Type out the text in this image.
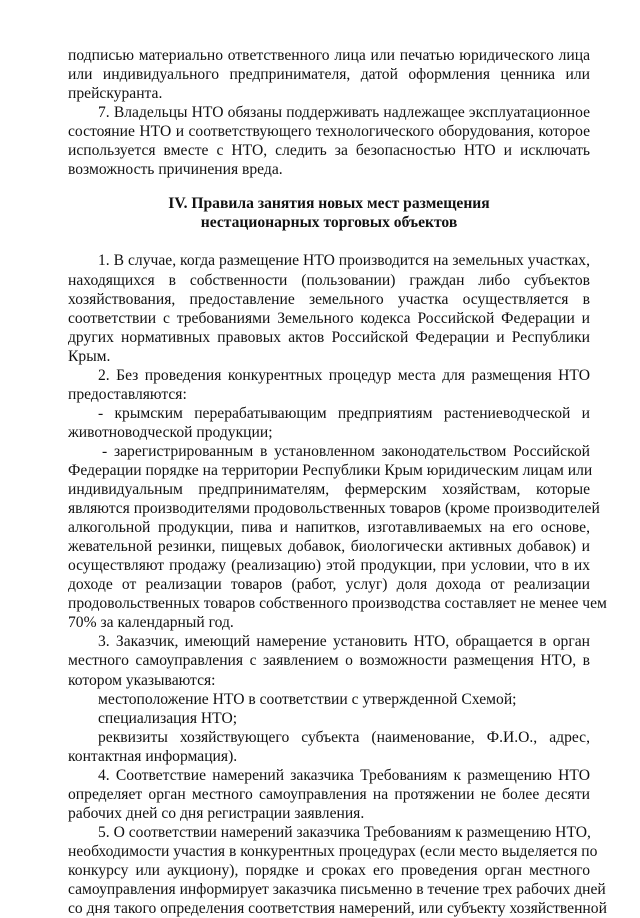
подписью материально ответственного лица или печатью юридического лица
или индивидуального предпринимателя, датой оформления ценника или
прейскуранта.
7. Владельцы НТО обязаны поддерживать надлежащее эксплуатационное
состояние НТО и соответствующего технологического оборудования, которое
используется вместе с НТО, следить за безопасностью НТО и исключать
возможность причинения вреда.
IV. Правила занятия новых мест размещения
нестационарных торговых объектов
1. В случае, когда размещение НТО производится на земельных участках,
находящихся в собственности (пользовании) граждан либо субъектов
хозяйствования, предоставление земельного участка осуществляется в
соответствии с требованиями Земельного кодекса Российской Федерации и
других нормативных правовых актов Российской Федерации и Республики
Крым.
2. Без проведения конкурентных процедур места для размещения НТО
предоставляются:
- крымским перерабатывающим предприятиям растениеводческой и
животноводческой продукции;
- зарегистрированным в установленном законодательством Российской
Федерации порядке на территории Республики Крым юридическим лицам или
индивидуальным предпринимателям, фермерским хозяйствам, которые
являются производителями продовольственных товаров (кроме производителей
алкогольной продукции, пива и напитков, изготавливаемых на его основе,
жевательной резинки, пищевых добавок, биологически активных добавок) и
осуществляют продажу (реализацию) этой продукции, при условии, что в их
доходе от реализации товаров (работ, услуг) доля дохода от реализации
продовольственных товаров собственного производства составляет не менее чем
70% за календарный год.
3. Заказчик, имеющий намерение установить НТО, обращается в орган
местного самоуправления с заявлением о возможности размещения НТО, в
котором указываются:
местоположение НТО в соответствии с утвержденной Схемой;
специализация НТО;
реквизиты хозяйствующего субъекта (наименование, Ф.И.О., адрес,
контактная информация).
4. Соответствие намерений заказчика Требованиям к размещению НТО
определяет орган местного самоуправления на протяжении не более десяти
рабочих дней со дня регистрации заявления.
5. О соответствии намерений заказчика Требованиям к размещению НТО,
необходимости участия в конкурентных процедурах (если место выделяется по
конкурсу или аукциону), порядке и сроках его проведения орган местного
самоуправления информирует заказчика письменно в течение трех рабочих дней
со дня такого определения соответствия намерений, или субъекту хозяйственной
